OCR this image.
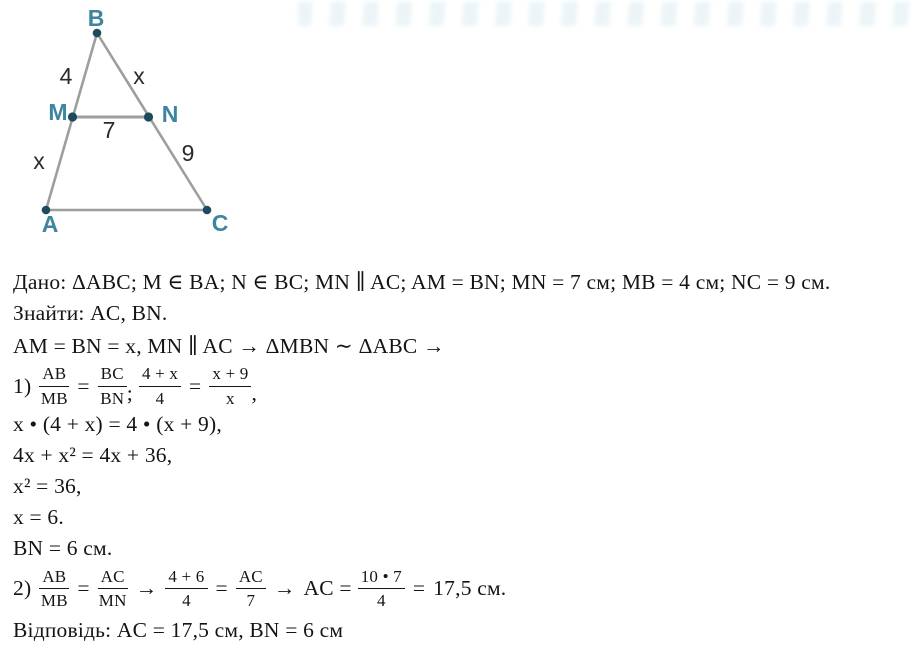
B
A	C
M	N
4	x
7
x	9

Дано: ΔABC; M ∈ BA; N ∈ BC; MN ∥ AC; AM = BN; MN = 7 см; MB = 4 см; NC = 9 см.

Знайти: AC, BN.

AM = BN = x, MN ∥ AC → ΔMBN ∼ ΔABC →

$1) \frac{AB}{MB} = \frac{BC}{BN}$ ; $\frac{4 + x}{4} = \frac{x + 9}{x}$ ,

x • (4 + x) = 4 • (x + 9),

4x + x² = 4x + 36,

x² = 36,

x = 6.

BN = 6 см.

$2) \frac{AB}{MB} = \frac{AC}{MN} \to \frac{4 + 6}{4} = \frac{AC}{7}$ → AC = $\frac{10 • 7}{4} = 17,5$ см.

Відповідь: AC = 17,5 см, BN = 6 см
